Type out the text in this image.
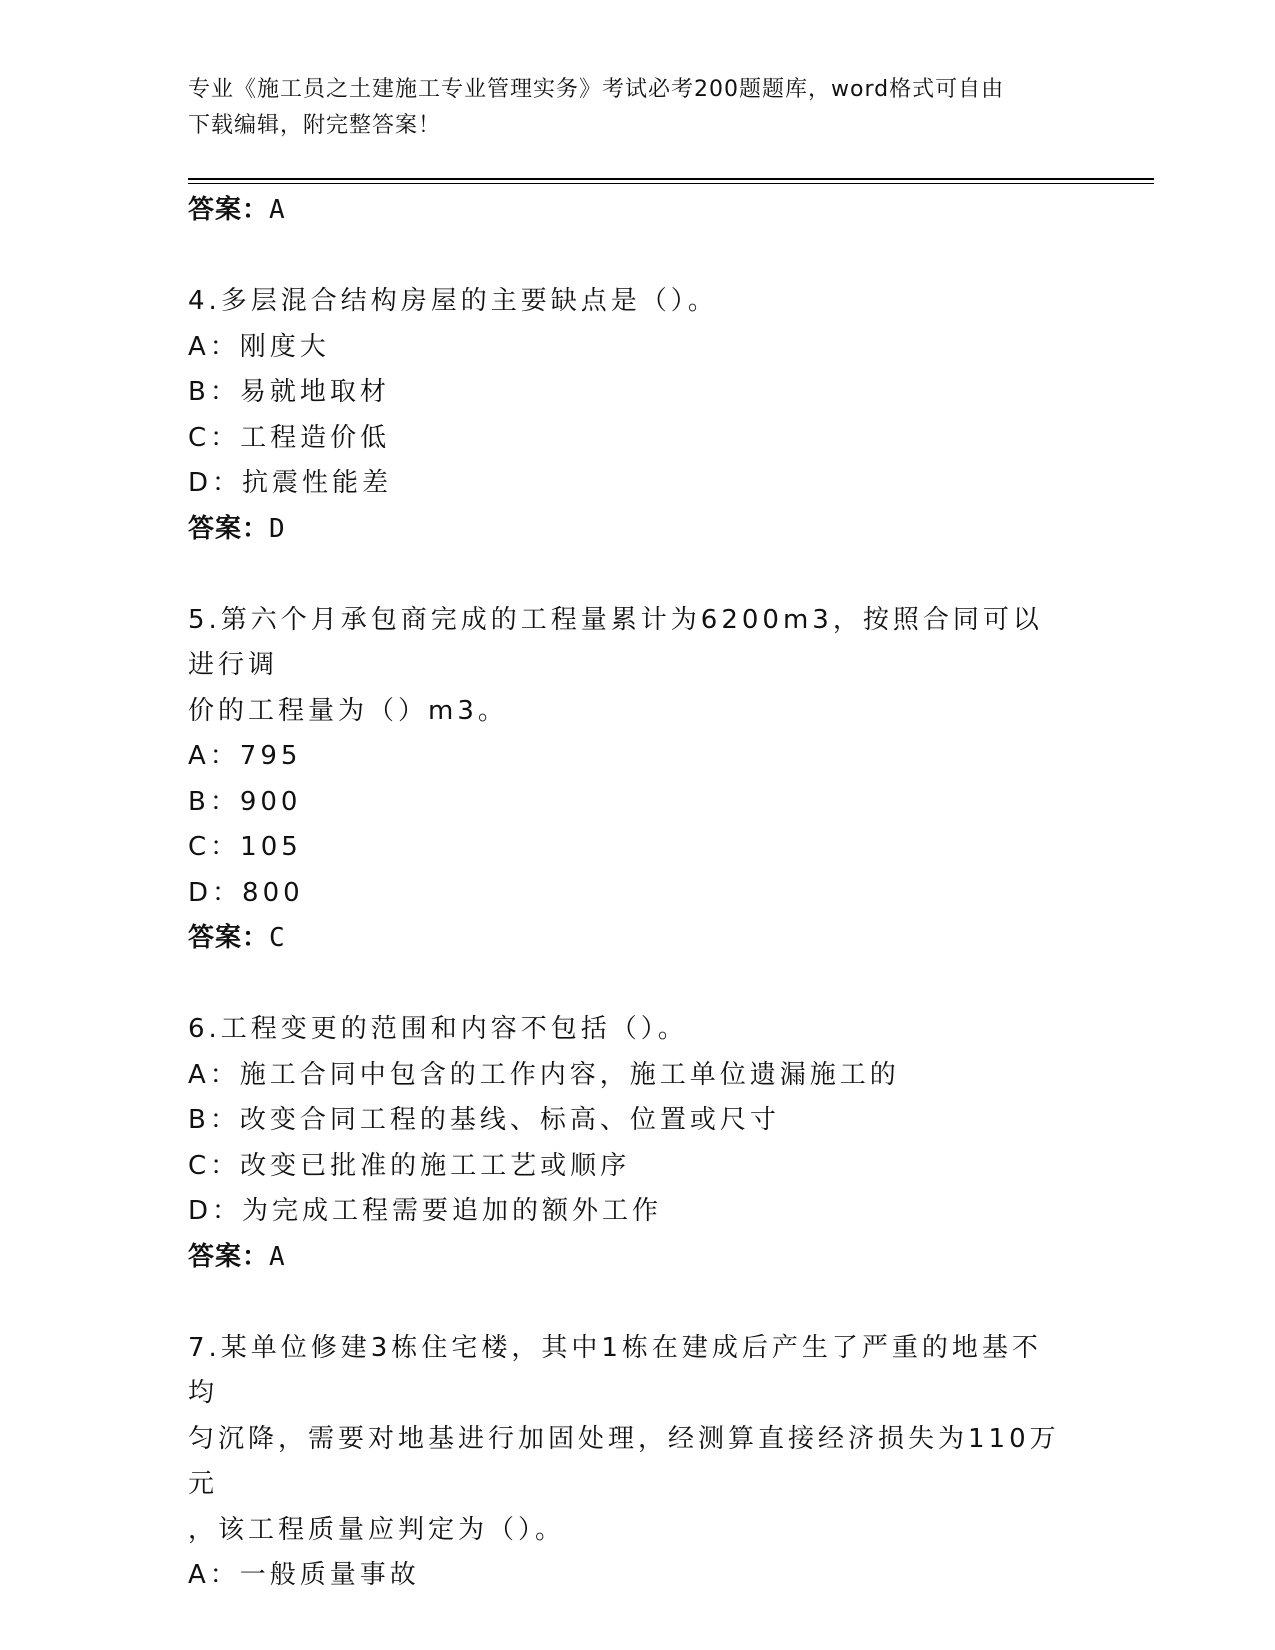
专业《施工员之土建施工专业管理实务》考试必考200题题库，word格式可自由
下载编辑，附完整答案！

答案：A

4.多层混合结构房屋的主要缺点是（）。

A：刚度大

B：易就地取材

C：工程造价低

D：抗震性能差

答案：D

5.第六个月承包商完成的工程量累计为6200m3，按照合同可以进行调

价的工程量为（）m3。

A：795

B：900

C：105

D：800

答案：C

6.工程变更的范围和内容不包括（）。

A：施工合同中包含的工作内容，施工单位遗漏施工的

B：改变合同工程的基线、标高、位置或尺寸

C：改变已批准的施工工艺或顺序

D：为完成工程需要追加的额外工作

答案：A

7.某单位修建3栋住宅楼，其中1栋在建成后产生了严重的地基不均

匀沉降，需要对地基进行加固处理，经测算直接经济损失为110万元

，该工程质量应判定为（）。

A：一般质量事故
